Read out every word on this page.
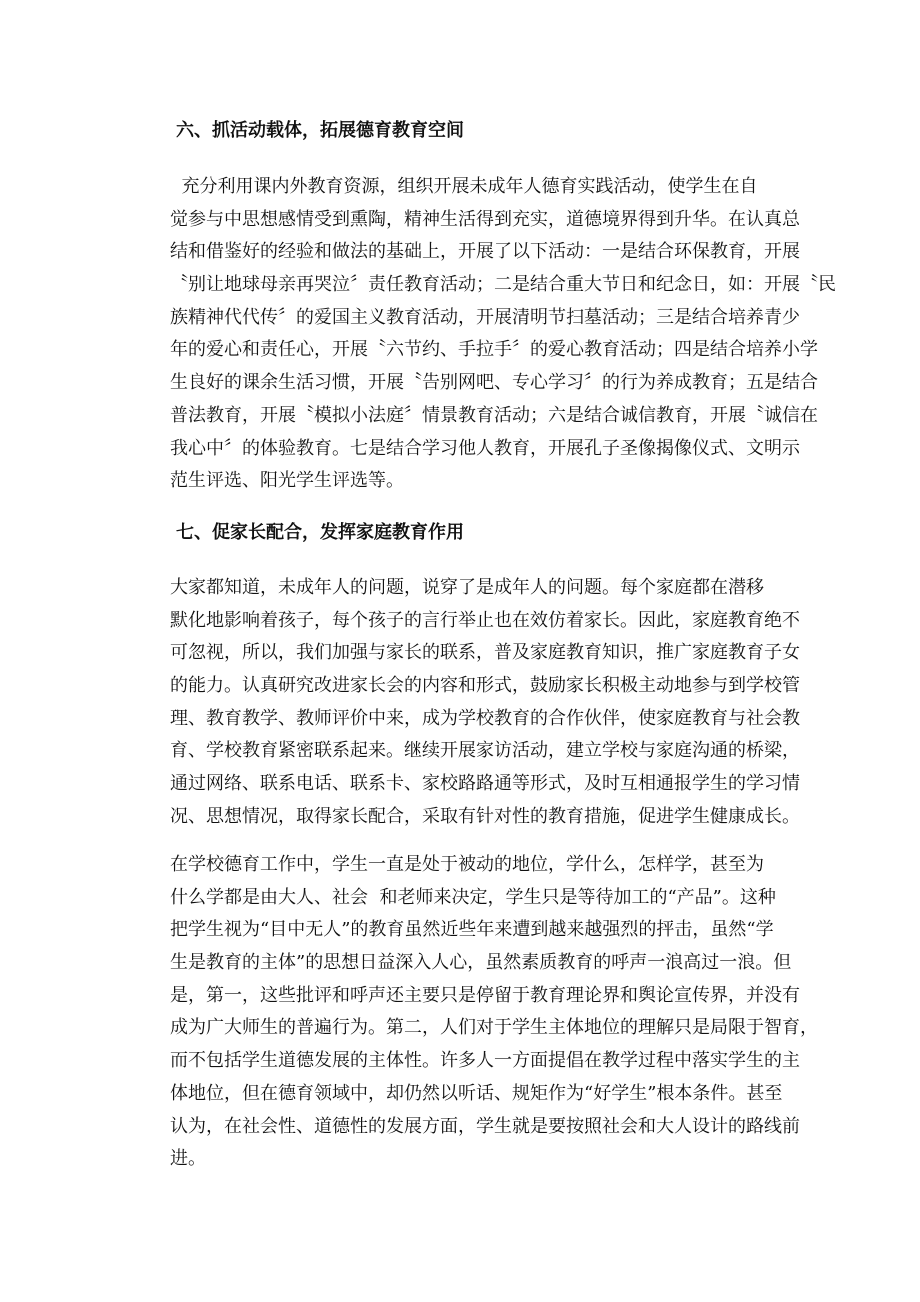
六、抓活动载体，拓展德育教育空间
充分利用课内外教育资源，组织开展未成年人德育实践活动，使学生在自
觉参与中思想感情受到熏陶，精神生活得到充实，道德境界得到升华。在认真总
结和借鉴好的经验和做法的基础上，开展了以下活动：一是结合环保教育，开展
〝别让地球母亲再哭泣〞责任教育活动；二是结合重大节日和纪念日，如：开展〝民
族精神代代传〞的爱国主义教育活动，开展清明节扫墓活动；三是结合培养青少
年的爱心和责任心，开展〝六节约、手拉手〞的爱心教育活动；四是结合培养小学
生良好的课余生活习惯，开展〝告别网吧、专心学习〞的行为养成教育；五是结合
普法教育，开展〝模拟小法庭〞情景教育活动；六是结合诚信教育，开展〝诚信在
我心中〞的体验教育。七是结合学习他人教育，开展孔子圣像揭像仪式、文明示
范生评选、阳光学生评选等。
七、促家长配合，发挥家庭教育作用
大家都知道，未成年人的问题，说穿了是成年人的问题。每个家庭都在潜移
默化地影响着孩子，每个孩子的言行举止也在效仿着家长。因此，家庭教育绝不
可忽视，所以，我们加强与家长的联系，普及家庭教育知识，推广家庭教育子女
的能力。认真研究改进家长会的内容和形式，鼓励家长积极主动地参与到学校管
理、教育教学、教师评价中来，成为学校教育的合作伙伴，使家庭教育与社会教
育、学校教育紧密联系起来。继续开展家访活动，建立学校与家庭沟通的桥梁，
通过网络、联系电话、联系卡、家校路路通等形式，及时互相通报学生的学习情
况、思想情况，取得家长配合，采取有针对性的教育措施，促进学生健康成长。
在学校德育工作中，学生一直是处于被动的地位，学什么，怎样学，甚至为
什么学都是由大人、社会  和老师来决定，学生只是等待加工的“产品”。这种
把学生视为“目中无人”的教育虽然近些年来遭到越来越强烈的抨击，虽然“学
生是教育的主体”的思想日益深入人心，虽然素质教育的呼声一浪高过一浪。但
是，第一，这些批评和呼声还主要只是停留于教育理论界和舆论宣传界，并没有
成为广大师生的普遍行为。第二，人们对于学生主体地位的理解只是局限于智育，
而不包括学生道德发展的主体性。许多人一方面提倡在教学过程中落实学生的主
体地位，但在德育领域中，却仍然以听话、规矩作为“好学生”根本条件。甚至
认为，在社会性、道德性的发展方面，学生就是要按照社会和大人设计的路线前
进。
